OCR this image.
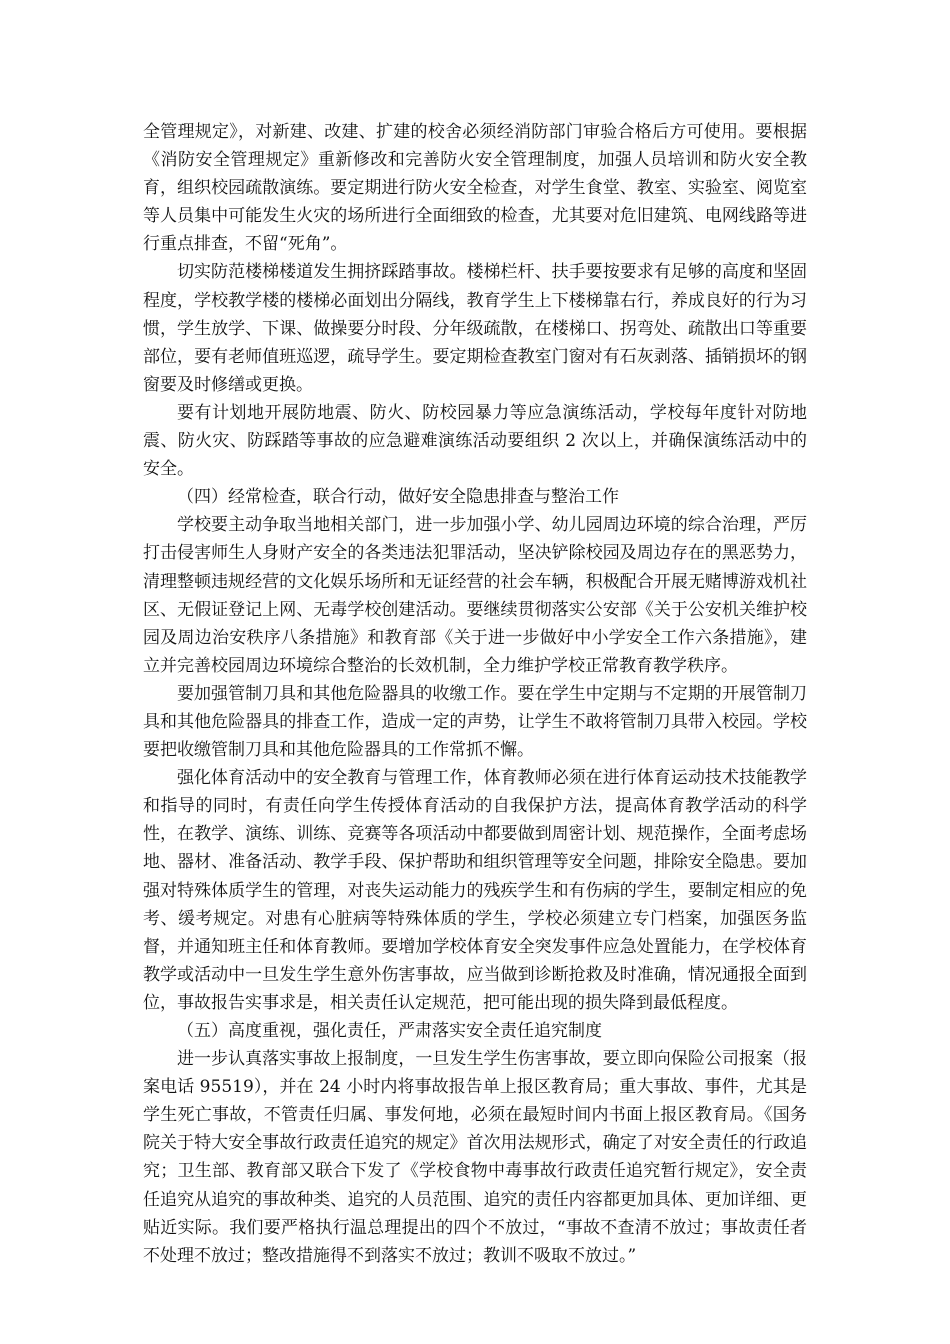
全管理规定》，对新建、改建、扩建的校舍必须经消防部门审验合格后方可使用。要根据《消防安全管理规定》重新修改和完善防火安全管理制度，加强人员培训和防火安全教育，组织校园疏散演练。要定期进行防火安全检查，对学生食堂、教室、实验室、阅览室等人员集中可能发生火灾的场所进行全面细致的检查，尤其要对危旧建筑、电网线路等进行重点排查，不留“死角”。

切实防范楼梯楼道发生拥挤踩踏事故。楼梯栏杆、扶手要按要求有足够的高度和坚固程度，学校教学楼的楼梯必面划出分隔线，教育学生上下楼梯靠右行，养成良好的行为习惯，学生放学、下课、做操要分时段、分年级疏散，在楼梯口、拐弯处、疏散出口等重要部位，要有老师值班巡逻，疏导学生。要定期检查教室门窗对有石灰剥落、插销损坏的钢窗要及时修缮或更换。

要有计划地开展防地震、防火、防校园暴力等应急演练活动，学校每年度针对防地震、防火灾、防踩踏等事故的应急避难演练活动要组织 2 次以上，并确保演练活动中的安全。

（四）经常检查，联合行动，做好安全隐患排查与整治工作

学校要主动争取当地相关部门，进一步加强小学、幼儿园周边环境的综合治理，严厉打击侵害师生人身财产安全的各类违法犯罪活动，坚决铲除校园及周边存在的黑恶势力，清理整顿违规经营的文化娱乐场所和无证经营的社会车辆，积极配合开展无赌博游戏机社区、无假证登记上网、无毒学校创建活动。要继续贯彻落实公安部《关于公安机关维护校园及周边治安秩序八条措施》和教育部《关于进一步做好中小学安全工作六条措施》，建立并完善校园周边环境综合整治的长效机制，全力维护学校正常教育教学秩序。

要加强管制刀具和其他危险器具的收缴工作。要在学生中定期与不定期的开展管制刀具和其他危险器具的排查工作，造成一定的声势，让学生不敢将管制刀具带入校园。学校要把收缴管制刀具和其他危险器具的工作常抓不懈。

强化体育活动中的安全教育与管理工作，体育教师必须在进行体育运动技术技能教学和指导的同时，有责任向学生传授体育活动的自我保护方法，提高体育教学活动的科学性，在教学、演练、训练、竞赛等各项活动中都要做到周密计划、规范操作，全面考虑场地、器材、准备活动、教学手段、保护帮助和组织管理等安全问题，排除安全隐患。要加强对特殊体质学生的管理，对丧失运动能力的残疾学生和有伤病的学生，要制定相应的免考、缓考规定。对患有心脏病等特殊体质的学生，学校必须建立专门档案，加强医务监督，并通知班主任和体育教师。要增加学校体育安全突发事件应急处置能力，在学校体育教学或活动中一旦发生学生意外伤害事故，应当做到诊断抢救及时准确，情况通报全面到位，事故报告实事求是，相关责任认定规范，把可能出现的损失降到最低程度。

（五）高度重视，强化责任，严肃落实安全责任追究制度

进一步认真落实事故上报制度，一旦发生学生伤害事故，要立即向保险公司报案（报案电话 95519），并在 24 小时内将事故报告单上报区教育局；重大事故、事件，尤其是学生死亡事故，不管责任归属、事发何地，必须在最短时间内书面上报区教育局。《国务院关于特大安全事故行政责任追究的规定》首次用法规形式，确定了对安全责任的行政追究；卫生部、教育部又联合下发了《学校食物中毒事故行政责任追究暂行规定》，安全责任追究从追究的事故种类、追究的人员范围、追究的责任内容都更加具体、更加详细、更贴近实际。我们要严格执行温总理提出的四个不放过，“事故不查清不放过；事故责任者不处理不放过；整改措施得不到落实不放过；教训不吸取不放过。”
